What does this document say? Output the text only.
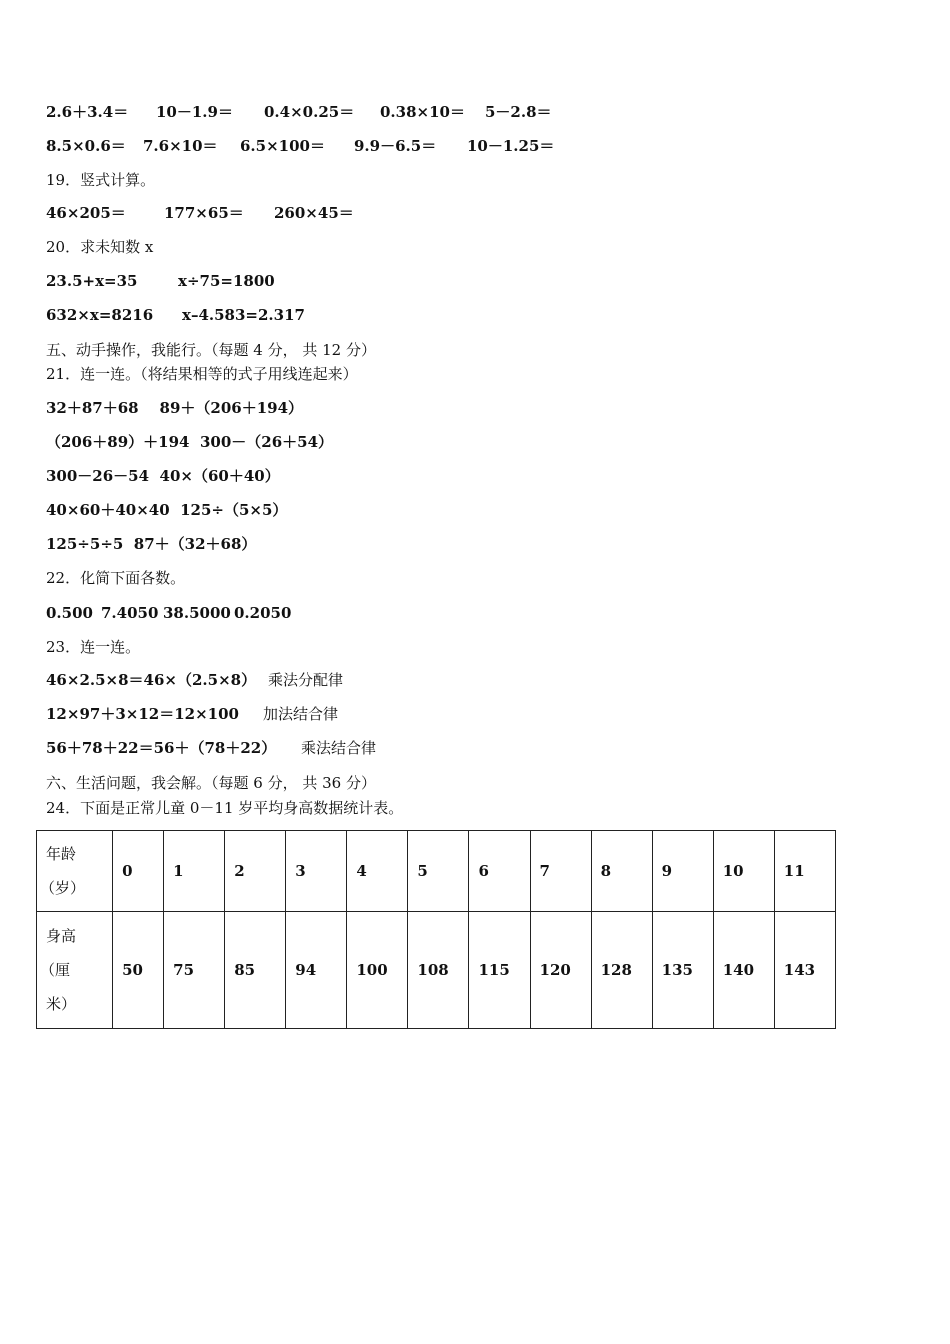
2.6＋3.4＝ 10－1.9＝ 0.4×0.25＝ 0.38×10＝ 5－2.8＝
8.5×0.6＝ 7.6×10＝ 6.5×100＝ 9.9－6.5＝ 10－1.25＝
19．竖式计算。
46×205＝	177×65＝ 260×45＝
20．求未知数 x
23.5+x=35	x÷75=1800
632×x=8216 x–4.583=2.317
五、动手操作，我能行。（每题 4 分， 共 12 分）
21．连一连。（将结果相等的式子用线连起来）
32＋87＋68 89＋（206＋194）
（206＋89）＋194 300－（26＋54）
300－26－54 40×（60＋40）
40×60＋40×40 125÷（5×5）
125÷5÷5 87＋（32＋68）
22．化简下面各数。
0.500 7.4050 38.5000 0.2050
23．连一连。
46×2.5×8＝46×（2.5×8） 乘法分配律
12×97＋3×12＝12×100 加法结合律
56＋78＋22＝56＋（78＋22） 乘法结合律
六、生活问题，我会解。（每题 6 分， 共 36 分）
24．下面是正常儿童 0－11 岁平均身高数据统计表。
年龄
（岁）	0	1	2	3	4	5	6	7	8	9	10	11

身高
（厘
米）	50	75	85	94	100	108	115	120	128	135	140	143
